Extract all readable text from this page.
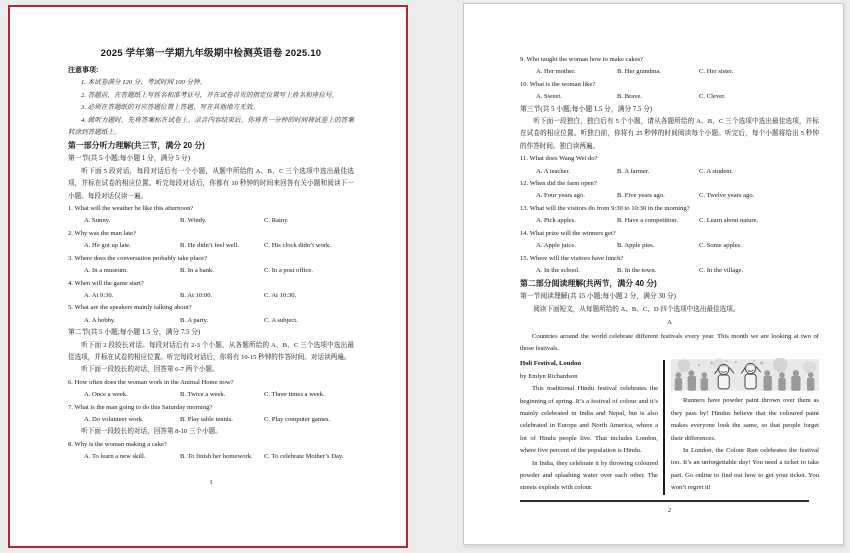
2025 学年第一学期九年级期中检测英语卷 2025.10
注意事项:
1. 本试卷满分 120 分，考试时间 100 分钟。
2. 答题前，在答题纸上写姓名和准考证号，并在试卷首页的指定位置写上姓名和座位号。
3. 必须在答题纸的对应答题位置上答题，写在其他地方无效。
4. 做听力题时，先将答案标在试卷上。录音内容结束后，你将有一分钟的时间将试卷上的答案转涂到答题纸上。
第一部分听力理解(共三节，满分 20 分)
第一节(共 5 小题;每小题 1 分，满分 5 分)
听下面 5 段对话，每段对话后有一个小题，从题中所给的 A、B、C 三个选项中选出最佳选项，并标在试卷的相应位置。听完每段对话后，你都有 10 秒钟的时间来回答有关小题和阅读下一小题。每段对话仅读一遍。
1. What will the weather be like this afternoon?
A. Sunny.	B. Windy.	C. Rainy.
2. Why was the man late?
A. He got up late.	B. He didn’t feel well.	C. His clock didn’t work.
3. Where does the conversation probably take place?
A. In a museum.	B. In a bank.	C. In a post office.
4. When will the game start?
A. At 9:30.	B. At 10:00.	C. At 10:30.
5. What are the speakers mainly talking about?
A. A hobby.	B. A party.	C. A subject.
第二节(共 5 小题;每小题 1.5 分，满分 7.5 分)
听下面 2 段较长对话。每段对话后有 2-3 个小题，从各题所给的 A、B、C 三个选项中选出最佳选项，并标在试卷的相应位置。听完每段对话后，你将有 10-15 秒钟的作答时间。对话读两遍。
听下面一段较长的对话，回答第 6-7 两个小题。
6. How often does the woman work in the Animal Home now?
A. Once a week.	B. Twice a week.	C. Three times a week.
7. What is the man going to do this Saturday morning?
A. Do volunteer work.	B. Play table tennis.	C. Play computer games.
听下面一段较长的对话，回答第 8-10 三个小题。
8. Why is the woman making a cake?
A. To learn a new skill.	B. To finish her homework.	C. To celebrate Mother’s Day.
1
9. Who taught the woman how to make cakes?
A. Her mother.	B. Her grandma.	C. Her sister.
10. What is the woman like?
A. Sweet.	B. Brave.	C. Clever.
第三节(共 5 小题;每小题 1.5 分，满分 7.5 分)
听下面一段独白，独白后有 5 个小题，请从各题所给的 A、B、C 三个选项中选出最佳选项，并标在试卷的相应位置。听独白前，你将有 25 秒钟的时间阅读每个小题。听完后，每个小题将给出 5 秒钟的作答时间。独白读两遍。
11. What does Wang Wei do?
A. A teacher.	B. A farmer.	C. A student.
12. When did the farm open?
A. Four years ago.	B. Five years ago.	C. Twelve years ago.
13. What will the visitors do from 9:30 to 10:30 in the morning?
A. Pick apples.	B. Have a competition.	C. Learn about nature.
14. What prize will the winners get?
A. Apple juice.	B. Apple pies.	C. Some apples.
15. Where will the visitors have lunch?
A. In the school.	B. In the town.	C. In the village.
第二部分阅读理解(共两节，满分 40 分)
第一节阅读理解(共 15 小题;每小题 2 分，满分 30 分)
阅读下面短文，从每题所给的 A、B、C、D 四个选项中选出最佳选项。
A
Countries around the world celebrate different festivals every year. This month we are looking at two of those festivals.
Holi Festival, London
by Emlyn Richardson
This traditional Hindu festival celebrates the beginning of spring. It’s a festival of colour and it’s mainly celebrated in India and Nepal, but is also celebrated in Europe and North America, where a lot of Hindu people live. That includes London, where five percent of the population is Hindu.
In India, they celebrate it by throwing coloured powder and splashing water over each other. The streets explode with colour.
Runners have powder paint thrown over them as they pass by! Hindus believe that the coloured paint makes everyone look the same, so that people forget their differences.
In London, the Colour Run celebrates the festival too. It’s an unforgettable day! You need a ticket to take part. Go online to find out how to get your ticket. You won’t regret it!
2
